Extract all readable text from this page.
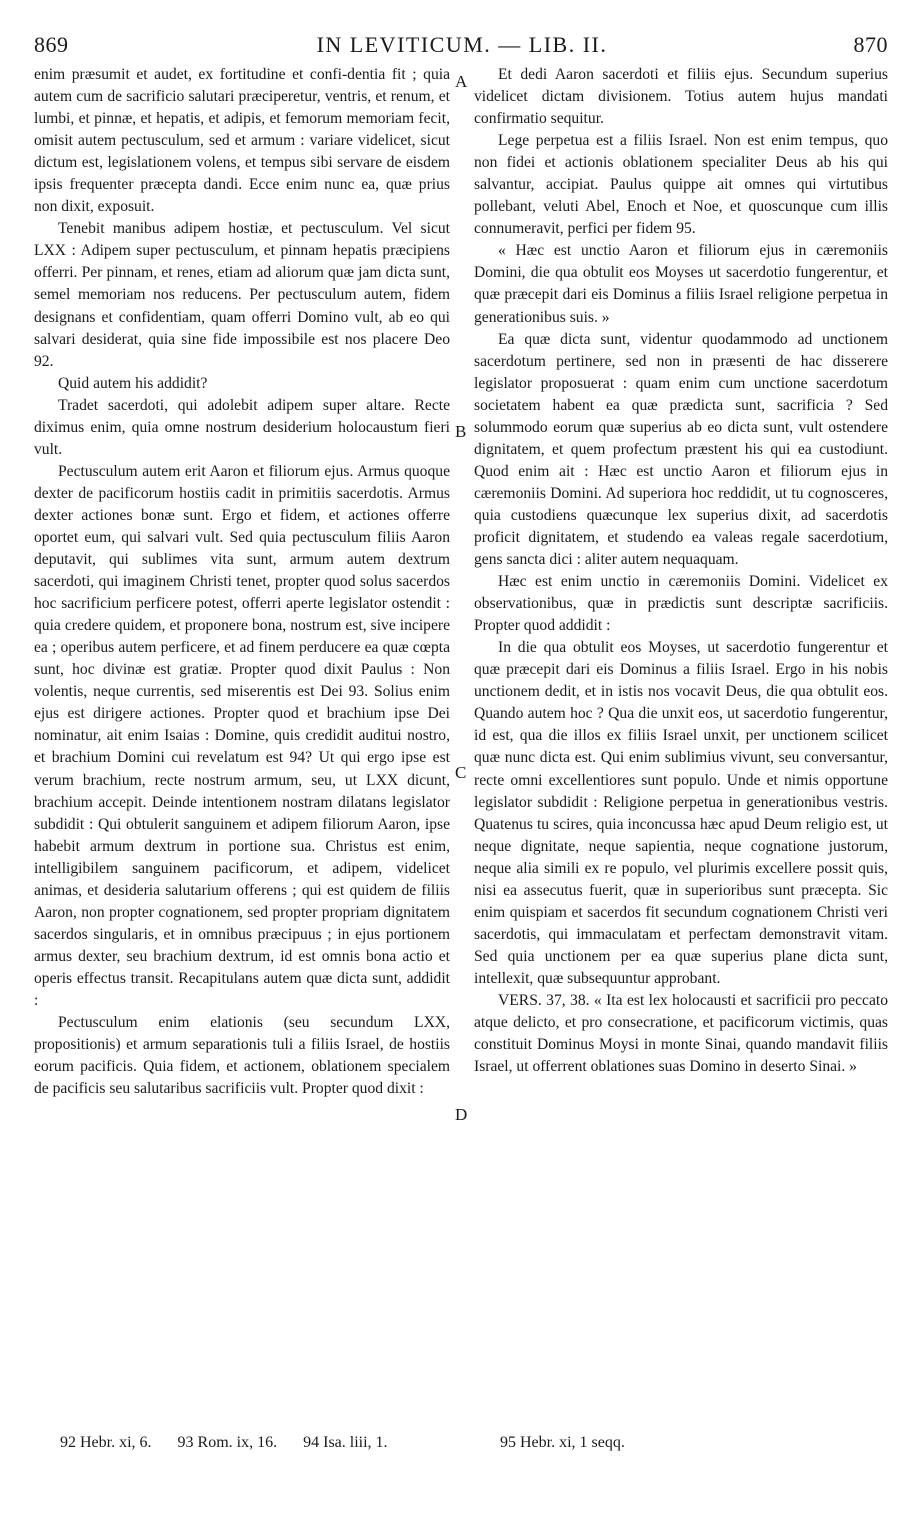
869	IN LEVITICUM. — LIB. II.	870
A
B
C
D

enim præsumit et audet, ex fortitudine et confi-dentia fit ; quia autem cum de sacrificio salutari præciperetur, ventris, et renum, et lumbi, et pinnæ, et hepatis, et adipis, et femorum memoriam fecit, omisit autem pectusculum, sed et armum : variare videlicet, sicut dictum est, legislationem volens, et tempus sibi servare de eisdem ipsis frequenter præcepta dandi. Ecce enim nunc ea, quæ prius non dixit, exposuit.

Tenebit manibus adipem hostiæ, et pectusculum. Vel sicut LXX : Adipem super pectusculum, et pinnam hepatis præcipiens offerri. Per pinnam, et renes, etiam ad aliorum quæ jam dicta sunt, semel memoriam nos reducens. Per pectusculum autem, fidem designans et confidentiam, quam offerri Domino vult, ab eo qui salvari desiderat, quia sine fide impossibile est nos placere Deo 92.

Quid autem his addidit?

Tradet sacerdoti, qui adolebit adipem super altare. Recte diximus enim, quia omne nostrum desiderium holocaustum fieri vult.

Pectusculum autem erit Aaron et filiorum ejus. Armus quoque dexter de pacificorum hostiis cadit in primitiis sacerdotis. Armus dexter actiones bonæ sunt. Ergo et fidem, et actiones offerre oportet eum, qui salvari vult. Sed quia pectusculum filiis Aaron deputavit, qui sublimes vita sunt, armum autem dextrum sacerdoti, qui imaginem Christi tenet, propter quod solus sacerdos hoc sacrificium perficere potest, offerri aperte legislator ostendit : quia credere quidem, et proponere bona, nostrum est, sive incipere ea ; operibus autem perficere, et ad finem perducere ea quæ cœpta sunt, hoc divinæ est gratiæ. Propter quod dixit Paulus : Non volentis, neque currentis, sed miserentis est Dei 93. Solius enim ejus est dirigere actiones. Propter quod et brachium ipse Dei nominatur, ait enim Isaias : Domine, quis credidit auditui nostro, et brachium Domini cui revelatum est 94? Ut qui ergo ipse est verum brachium, recte nostrum armum, seu, ut LXX dicunt, brachium accepit. Deinde intentionem nostram dilatans legislator subdidit : Qui obtulerit sanguinem et adipem filiorum Aaron, ipse habebit armum dextrum in portione sua. Christus est enim, intelligibilem sanguinem pacificorum, et adipem, videlicet animas, et desideria salutarium offerens ; qui est quidem de filiis Aaron, non propter cognationem, sed propter propriam dignitatem sacerdos singularis, et in omnibus præcipuus ; in ejus portionem armus dexter, seu brachium dextrum, id est omnis bona actio et operis effectus transit. Recapitulans autem quæ dicta sunt, addidit :

Pectusculum enim elationis (seu secundum LXX, propositionis) et armum separationis tuli a filiis Israel, de hostiis eorum pacificis. Quia fidem, et actionem, oblationem specialem de pacificis seu salutaribus sacrificiis vult. Propter quod dixit :

Et dedi Aaron sacerdoti et filiis ejus. Secundum superius videlicet dictam divisionem. Totius autem hujus mandati confirmatio sequitur.

Lege perpetua est a filiis Israel. Non est enim tempus, quo non fidei et actionis oblationem specialiter Deus ab his qui salvantur, accipiat. Paulus quippe ait omnes qui virtutibus pollebant, veluti Abel, Enoch et Noe, et quoscunque cum illis connumeravit, perfici per fidem 95.

« Hæc est unctio Aaron et filiorum ejus in cæremoniis Domini, die qua obtulit eos Moyses ut sacerdotio fungerentur, et quæ præcepit dari eis Dominus a filiis Israel religione perpetua in generationibus suis. »

Ea quæ dicta sunt, videntur quodammodo ad unctionem sacerdotum pertinere, sed non in præsenti de hac disserere legislator proposuerat : quam enim cum unctione sacerdotum societatem habent ea quæ prædicta sunt, sacrificia ? Sed solummodo eorum quæ superius ab eo dicta sunt, vult ostendere dignitatem, et quem profectum præstent his qui ea custodiunt. Quod enim ait : Hæc est unctio Aaron et filiorum ejus in cæremoniis Domini. Ad superiora hoc reddidit, ut tu cognosceres, quia custodiens quæcunque lex superius dixit, ad sacerdotis proficit dignitatem, et studendo ea valeas regale sacerdotium, gens sancta dici : aliter autem nequaquam.

Hæc est enim unctio in cæremoniis Domini. Videlicet ex observationibus, quæ in prædictis sunt descriptæ sacrificiis. Propter quod addidit :

In die qua obtulit eos Moyses, ut sacerdotio fungerentur et quæ præcepit dari eis Dominus a filiis Israel. Ergo in his nobis unctionem dedit, et in istis nos vocavit Deus, die qua obtulit eos. Quando autem hoc ? Qua die unxit eos, ut sacerdotio fungerentur, id est, qua die illos ex filiis Israel unxit, per unctionem scilicet quæ nunc dicta est. Qui enim sublimius vivunt, seu conversantur, recte omni excellentiores sunt populo. Unde et nimis opportune legislator subdidit : Religione perpetua in generationibus vestris. Quatenus tu scires, quia inconcussa hæc apud Deum religio est, ut neque dignitate, neque sapientia, neque cognatione justorum, neque alia simili ex re populo, vel plurimis excellere possit quis, nisi ea assecutus fuerit, quæ in superioribus sunt præcepta. Sic enim quispiam et sacerdos fit secundum cognationem Christi veri sacerdotis, qui immaculatam et perfectam demonstravit vitam. Sed quia unctionem per ea quæ superius plane dicta sunt, intellexit, quæ subsequuntur approbant.

VERS. 37, 38. « Ita est lex holocausti et sacrificii pro peccato atque delicto, et pro consecratione, et pacificorum victimis, quas constituit Dominus Moysi in monte Sinai, quando mandavit filiis Israel, ut offerrent oblationes suas Domino in deserto Sinai. »

92 Hebr. xi, 6. 93 Rom. ix, 16. 94 Isa. liii, 1.	95 Hebr. xi, 1 seqq.
